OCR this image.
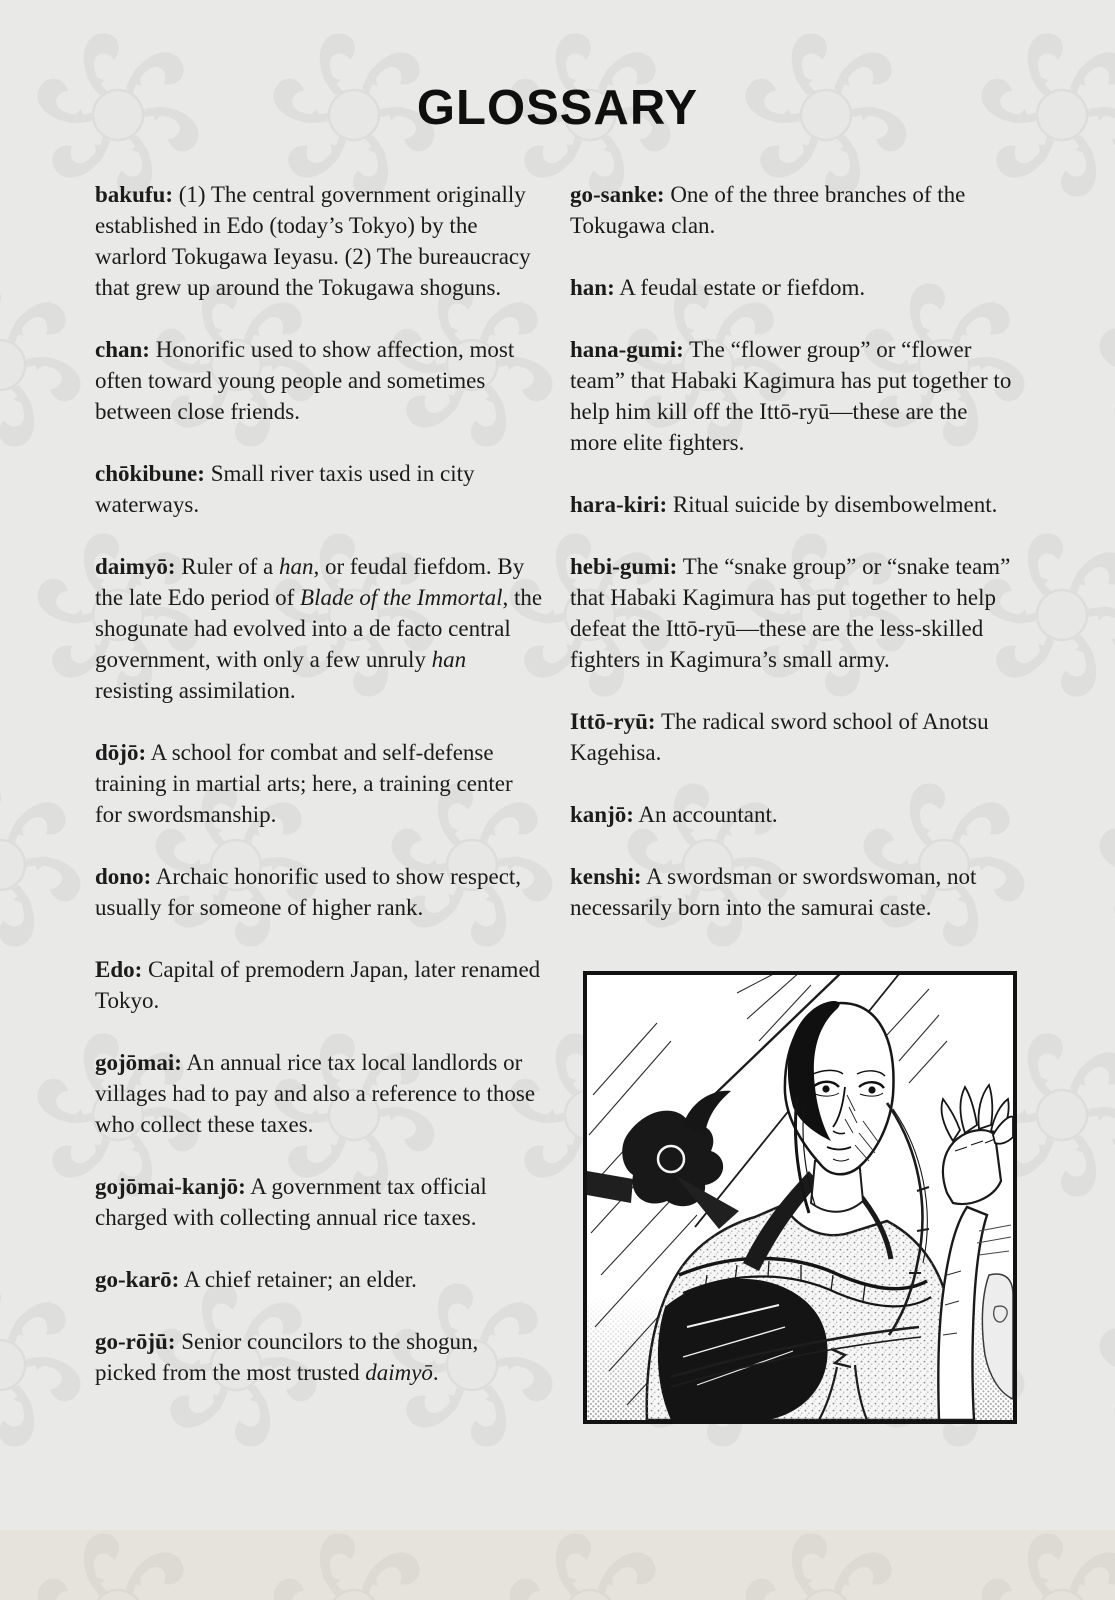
GLOSSARY

bakufu: (1) The central government originally established in Edo (today’s Tokyo) by the warlord Tokugawa Ieyasu. (2) The bureaucracy that grew up around the Tokugawa shoguns.

chan: Honorific used to show affection, most often toward young people and sometimes between close friends.

chōkibune: Small river taxis used in city waterways.

daimyō: Ruler of a han, or feudal fiefdom. By the late Edo period of Blade of the Immortal, the shogunate had evolved into a de facto central government, with only a few unruly han resisting assimilation.

dōjō: A school for combat and self-defense training in martial arts; here, a training center for swordsmanship.

dono: Archaic honorific used to show respect, usually for someone of higher rank.

Edo: Capital of premodern Japan, later renamed Tokyo.

gojōmai: An annual rice tax local landlords or villages had to pay and also a reference to those who collect these taxes.

gojōmai-kanjō: A government tax official charged with collecting annual rice taxes.

go-karō: A chief retainer; an elder.

go-rōjū: Senior councilors to the shogun, picked from the most trusted daimyō.

go-sanke: One of the three branches of the Tokugawa clan.

han: A feudal estate or fiefdom.

hana-gumi: The “flower group” or “flower team” that Habaki Kagimura has put together to help him kill off the Ittō-ryū—these are the more elite fighters.

hara-kiri: Ritual suicide by disembowelment.

hebi-gumi: The “snake group” or “snake team” that Habaki Kagimura has put together to help defeat the Ittō-ryū—these are the less-skilled fighters in Kagimura’s small army.

Ittō-ryū: The radical sword school of Anotsu Kagehisa.

kanjō: An accountant.

kenshi: A swordsman or swordswoman, not necessarily born into the samurai caste.
